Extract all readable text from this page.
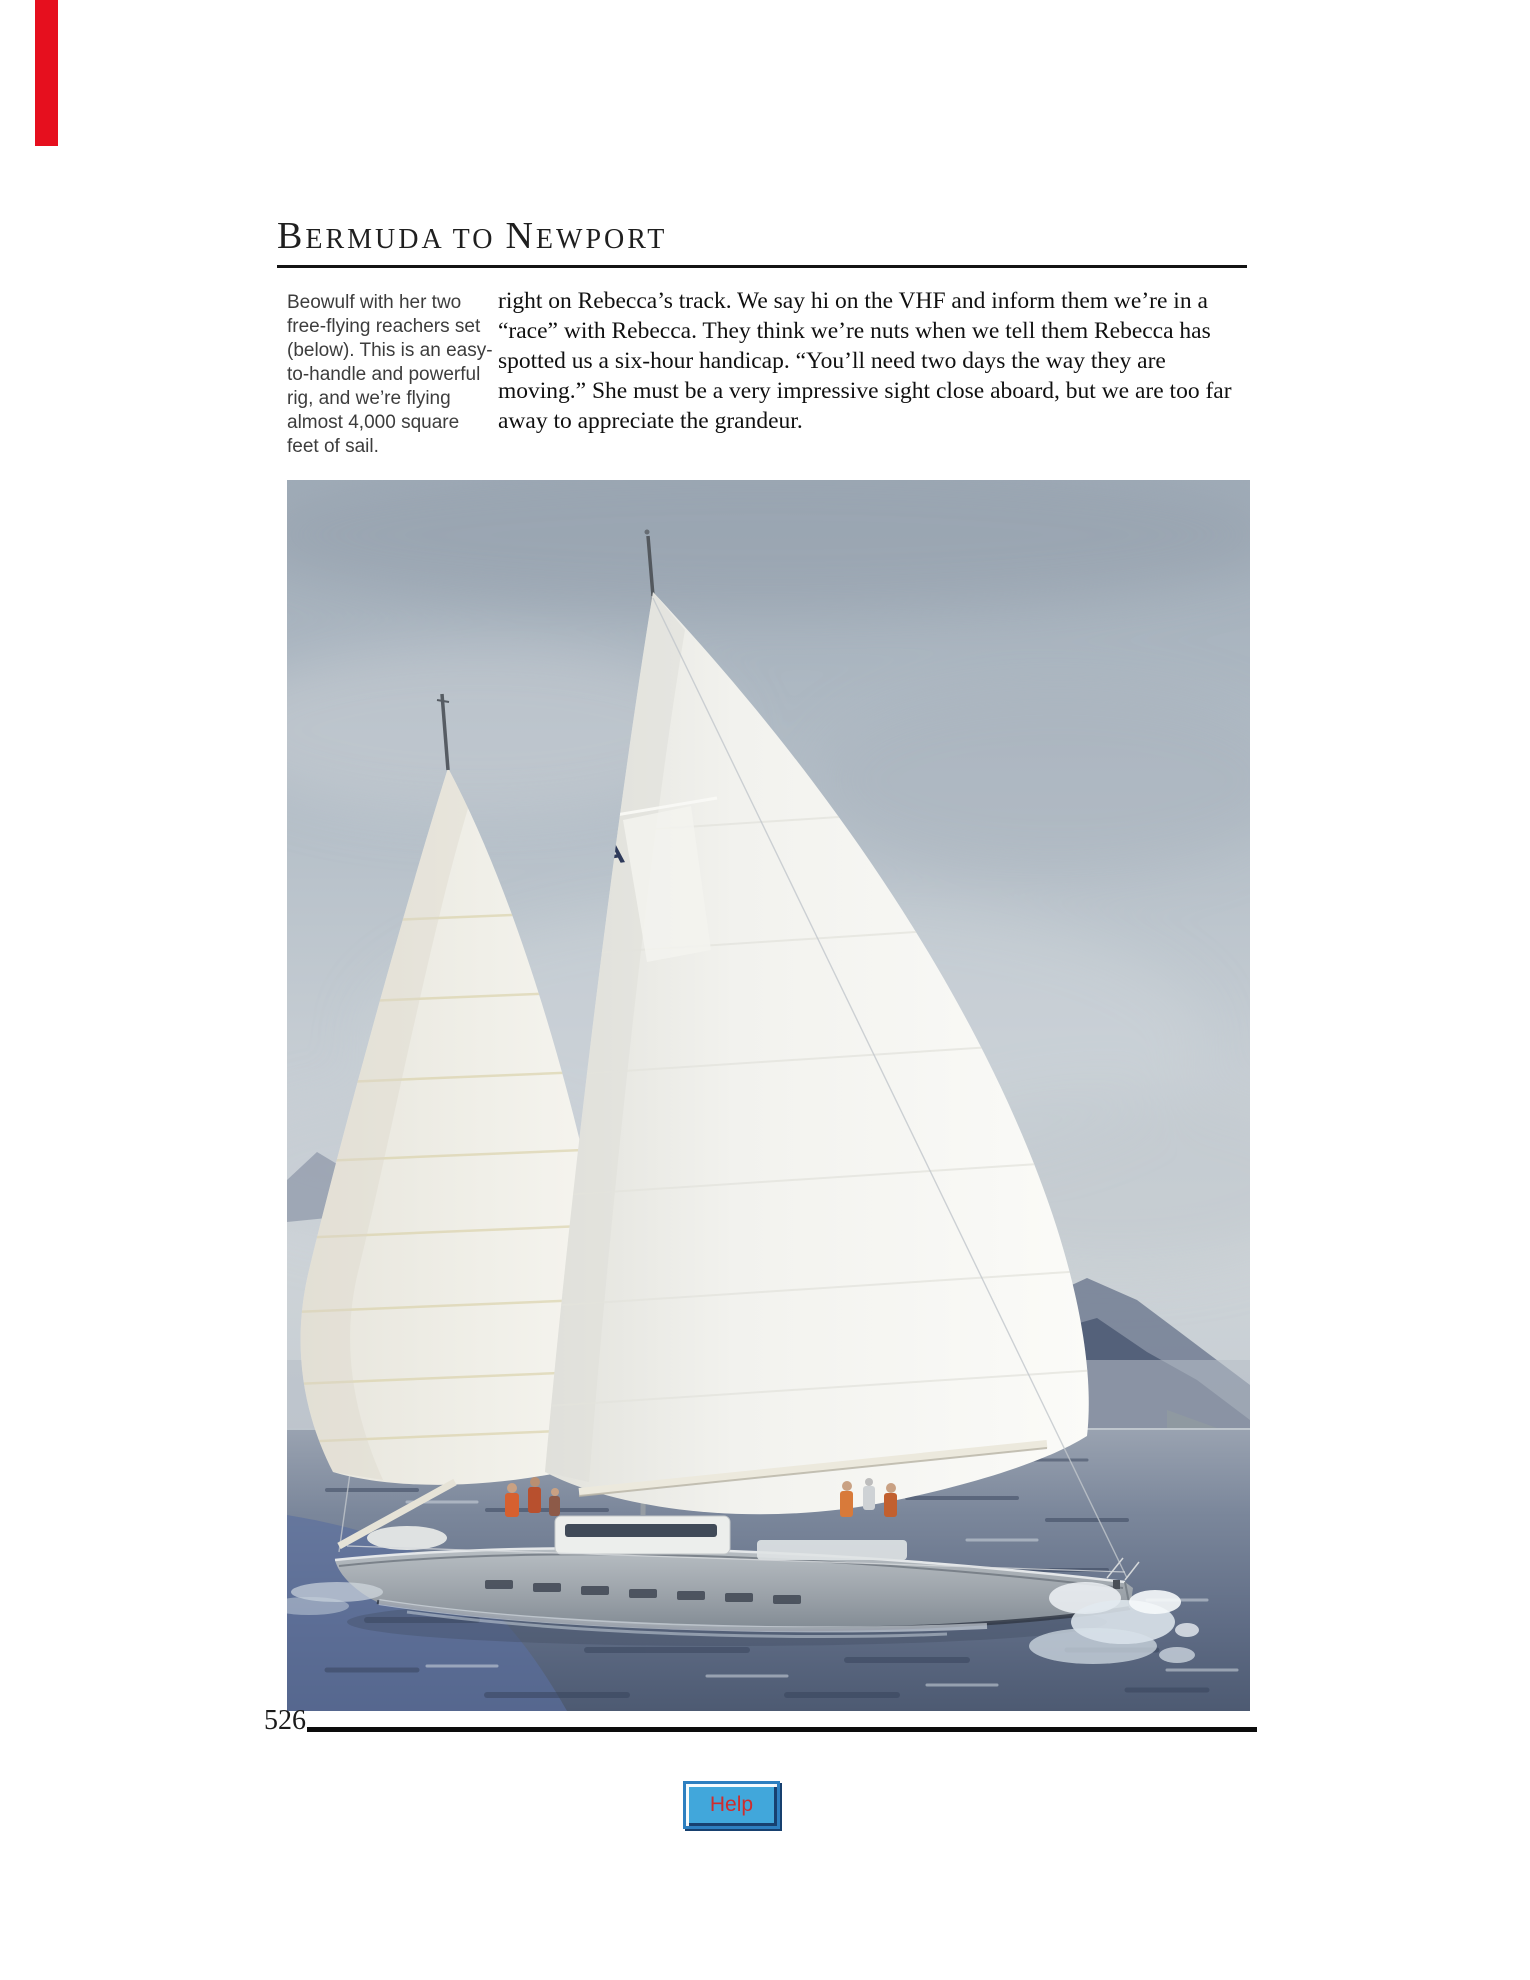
BERMUDA TO NEWPORT
Beowulf with her two free-flying reachers set (below). This is an easy-to-handle and powerful rig, and we’re flying almost 4,000 square feet of sail.
right on Rebecca’s track. We say hi on the VHF and inform them we’re in a “race” with Rebecca. They think we’re nuts when we tell them Rebecca has spotted us a six-hour handicap. “You’ll need two days the way they are moving.” She must be a very impressive sight close aboard, but we are too far away to appreciate the grandeur.
526
Help
